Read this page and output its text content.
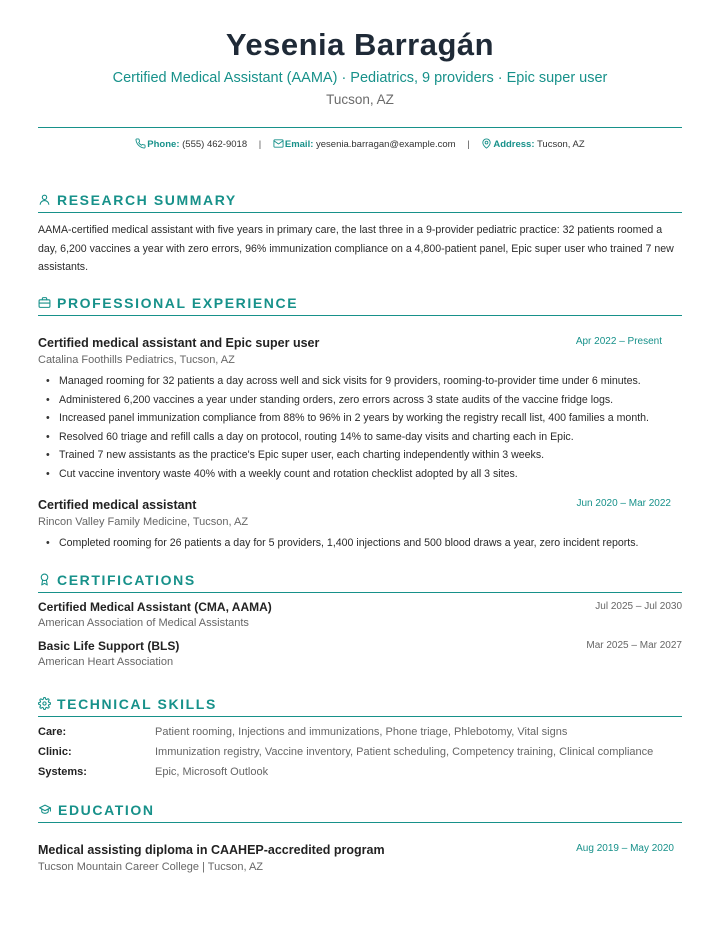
Yesenia Barragán
Certified Medical Assistant (AAMA) · Pediatrics, 9 providers · Epic super user
Tucson, AZ
Phone: (555) 462-9018 | Email: yesenia.barragan@example.com | Address: Tucson, AZ
RESEARCH SUMMARY
AAMA-certified medical assistant with five years in primary care, the last three in a 9-provider pediatric practice: 32 patients roomed a day, 6,200 vaccines a year with zero errors, 96% immunization compliance on a 4,800-patient panel, Epic super user who trained 7 new assistants.
PROFESSIONAL EXPERIENCE
Certified medical assistant and Epic super user	Apr 2022 – Present
Catalina Foothills Pediatrics, Tucson, AZ
• Managed rooming for 32 patients a day across well and sick visits for 9 providers, rooming-to-provider time under 6 minutes.
• Administered 6,200 vaccines a year under standing orders, zero errors across 3 state audits of the vaccine fridge logs.
• Increased panel immunization compliance from 88% to 96% in 2 years by working the registry recall list, 400 families a month.
• Resolved 60 triage and refill calls a day on protocol, routing 14% to same-day visits and charting each in Epic.
• Trained 7 new assistants as the practice's Epic super user, each charting independently within 3 weeks.
• Cut vaccine inventory waste 40% with a weekly count and rotation checklist adopted by all 3 sites.
Certified medical assistant	Jun 2020 – Mar 2022
Rincon Valley Family Medicine, Tucson, AZ
• Completed rooming for 26 patients a day for 5 providers, 1,400 injections and 500 blood draws a year, zero incident reports.
CERTIFICATIONS
Certified Medical Assistant (CMA, AAMA)	Jul 2025 – Jul 2030
American Association of Medical Assistants
Basic Life Support (BLS)	Mar 2025 – Mar 2027
American Heart Association
TECHNICAL SKILLS
Care:	Patient rooming, Injections and immunizations, Phone triage, Phlebotomy, Vital signs
Clinic:	Immunization registry, Vaccine inventory, Patient scheduling, Competency training, Clinical compliance
Systems:	Epic, Microsoft Outlook
EDUCATION
Medical assisting diploma in CAAHEP-accredited program	Aug 2019 – May 2020
Tucson Mountain Career College | Tucson, AZ
